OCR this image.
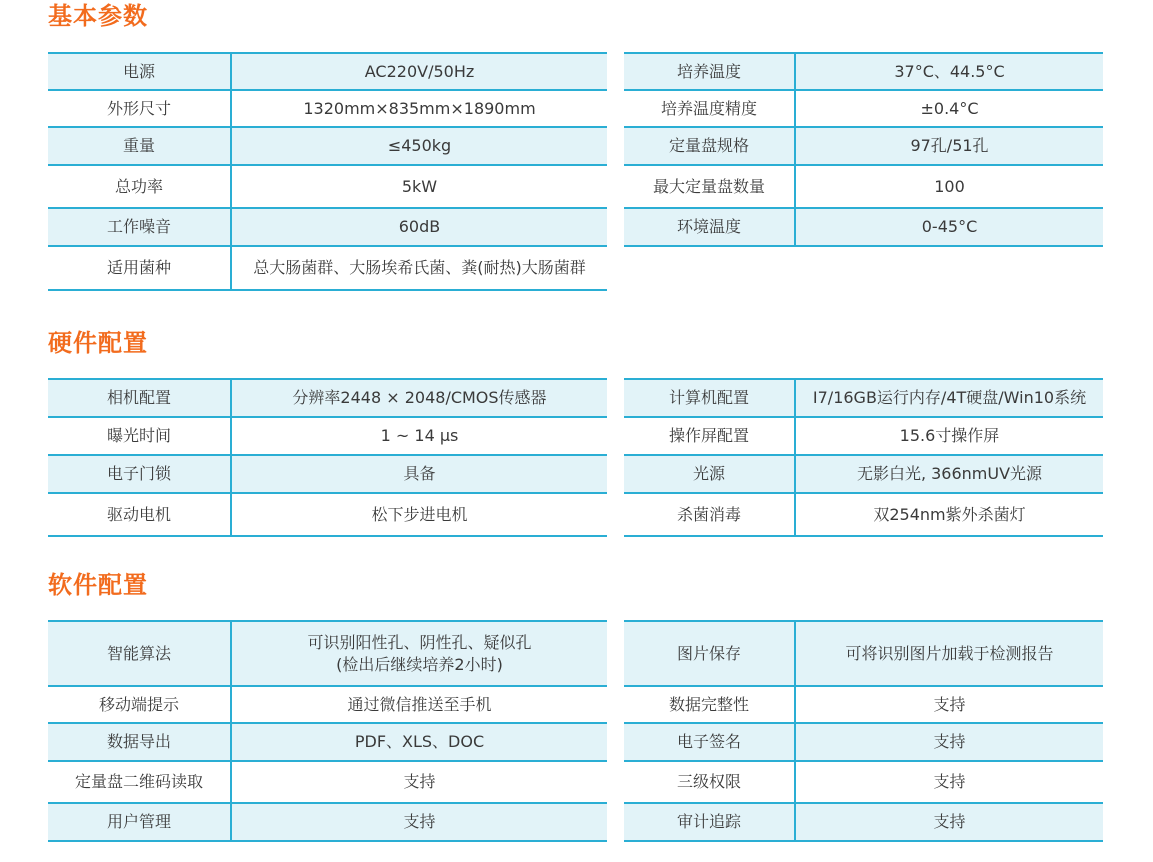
基本参数
电源	AC220V/50Hz
外形尺寸	1320mm×835mm×1890mm
重量	≤450kg
总功率	5kW
工作噪音	60dB
适用菌种	总大肠菌群、大肠埃希氏菌、粪(耐热)大肠菌群
培养温度	37°C、44.5°C
培养温度精度	±0.4°C
定量盘规格	97孔/51孔
最大定量盘数量	100
环境温度	0-45°C
硬件配置
相机配置	分辨率2448 × 2048/CMOS传感器
曝光时间	1 ~ 14 μs
电子门锁	具备
驱动电机	松下步进电机
计算机配置	I7/16GB运行内存/4T硬盘/Win10系统
操作屏配置	15.6寸操作屏
光源	无影白光, 366nmUV光源
杀菌消毒	双254nm紫外杀菌灯
软件配置
智能算法	可识别阳性孔、阴性孔、疑似孔
(检出后继续培养2小时)

移动端提示	通过微信推送至手机
数据导出	PDF、XLS、DOC
定量盘二维码读取	支持
用户管理	支持
图片保存	可将识别图片加载于检测报告
数据完整性	支持
电子签名	支持
三级权限	支持
审计追踪	支持
